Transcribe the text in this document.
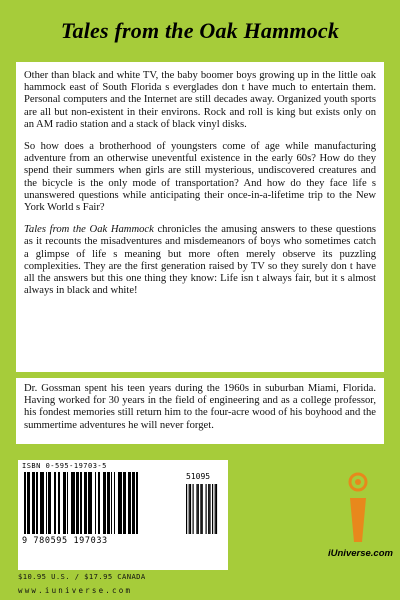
Tales from the Oak Hammock

Other than black and white TV, the baby boomer boys growing up in the little oak hammock east of South Florida s everglades don t have much to entertain them. Personal computers and the Internet are still decades away. Organized youth sports are all but non-existent in their environs. Rock and roll is king but exists only on an AM radio station and a stack of black vinyl disks.

So how does a brotherhood of youngsters come of age while manufacturing adventure from an otherwise uneventful existence in the early 60s? How do they spend their summers when girls are still mysterious, undiscovered creatures and the bicycle is the only mode of transportation? And how do they face life s unanswered questions while anticipating their once-in-a-lifetime trip to the New York World s Fair?

Tales from the Oak Hammock chronicles the amusing answers to these questions as it recounts the misadventures and misdemeanors of boys who sometimes catch a glimpse of life s meaning but more often merely observe its puzzling complexities. They are the first generation raised by TV so they surely don t have all the answers but this one thing they know: Life isn t always fair, but it s almost always in black and white!

Dr. Gossman spent his teen years during the 1960s in suburban Miami, Florida. Having worked for 30 years in the field of engineering and as a college professor, his fondest memories still return him to the four-acre wood of his boyhood and the summertime adventures he will never forget.

ISBN 0-595-19703-5
51095
9 780595 197033
$10.95 U.S. / $17.95 CANADA
www.iuniverse.com
iUniverse.com
